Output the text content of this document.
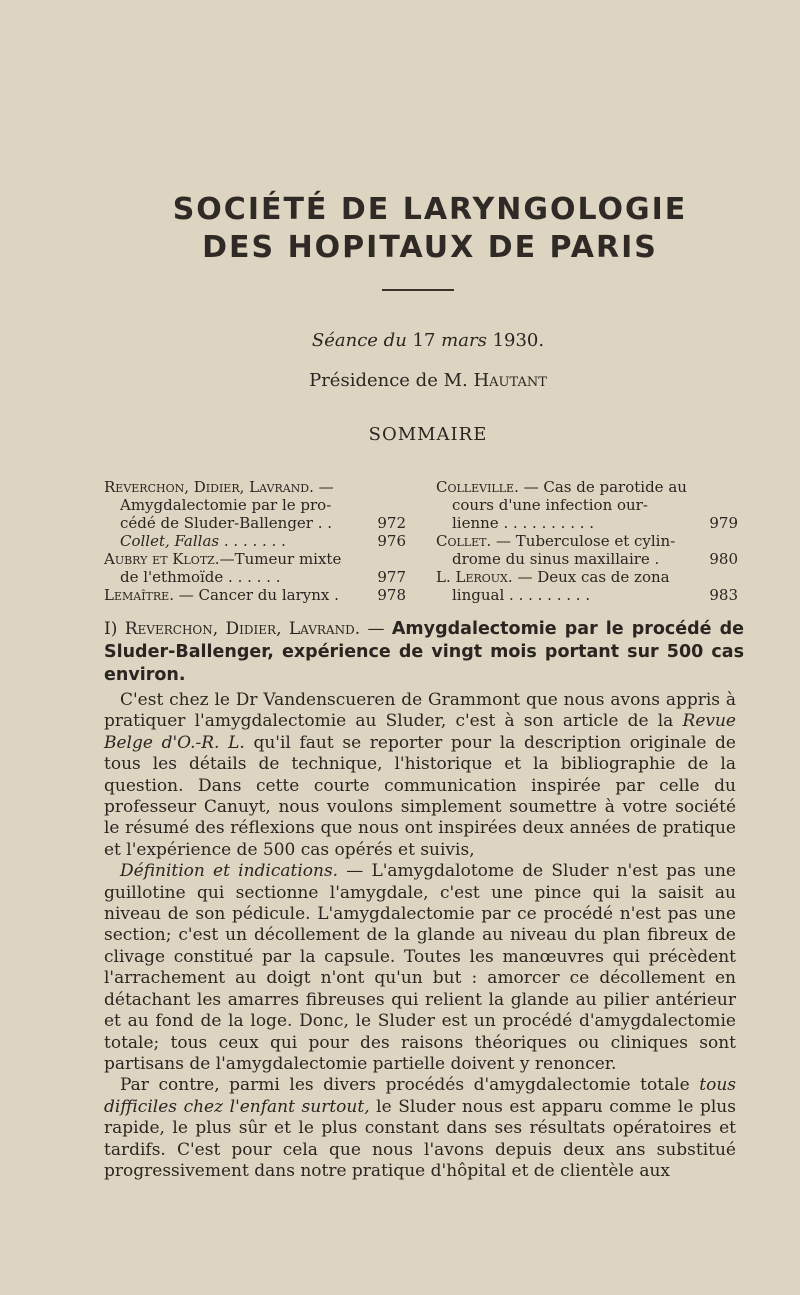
SOCIÉTÉ DE LARYNGOLOGIE
DES HOPITAUX DE PARIS
Séance du 17 mars 1930.
Présidence de M. Hautant
SOMMAIRE
Reverchon, Didier, Lavrand. —
Amygdalectomie par le pro-
cédé de Sluder-Ballenger . .	972
Collet, Fallas . . . . . . .	976
Aubry et Klotz.—Tumeur mixte
de l'ethmoïde . . . . . .	977
Lemaître. — Cancer du larynx .	978
Colleville. — Cas de parotide au
cours d'une infection our-
lienne . . . . . . . . . .	979
Collet. — Tuberculose et cylin-
drome du sinus maxillaire .	980
L. Leroux. — Deux cas de zona
lingual . . . . . . . . .	983
I) Reverchon, Didier, Lavrand. — Amygdalectomie par le procédé de Sluder-Ballenger, expérience de vingt mois portant sur 500 cas environ.

C'est chez le Dr Vandenscueren de Grammont que nous avons appris à pratiquer l'amygdalectomie au Sluder, c'est à son article de la Revue Belge d'O.-R. L. qu'il faut se reporter pour la description originale de tous les détails de technique, l'historique et la bibliographie de la question. Dans cette courte communication inspirée par celle du professeur Canuyt, nous voulons simplement soumettre à votre société le résumé des réflexions que nous ont inspirées deux années de pratique et l'expérience de 500 cas opérés et suivis,

Définition et indications. — L'amygdalotome de Sluder n'est pas une guillotine qui sectionne l'amygdale, c'est une pince qui la saisit au niveau de son pédicule. L'amygdalectomie par ce procédé n'est pas une section; c'est un décollement de la glande au niveau du plan fibreux de clivage constitué par la capsule. Toutes les manœuvres qui précèdent l'arrachement au doigt n'ont qu'un but : amorcer ce décollement en détachant les amarres fibreuses qui relient la glande au pilier antérieur et au fond de la loge. Donc, le Sluder est un procédé d'amygdalectomie totale; tous ceux qui pour des raisons théoriques ou cliniques sont partisans de l'amygdalectomie partielle doivent y renoncer.

Par contre, parmi les divers procédés d'amygdalectomie totale tous difficiles chez l'enfant surtout, le Sluder nous est apparu comme le plus rapide, le plus sûr et le plus constant dans ses résultats opératoires et tardifs. C'est pour cela que nous l'avons depuis deux ans substitué progressivement dans notre pratique d'hôpital et de clientèle aux
